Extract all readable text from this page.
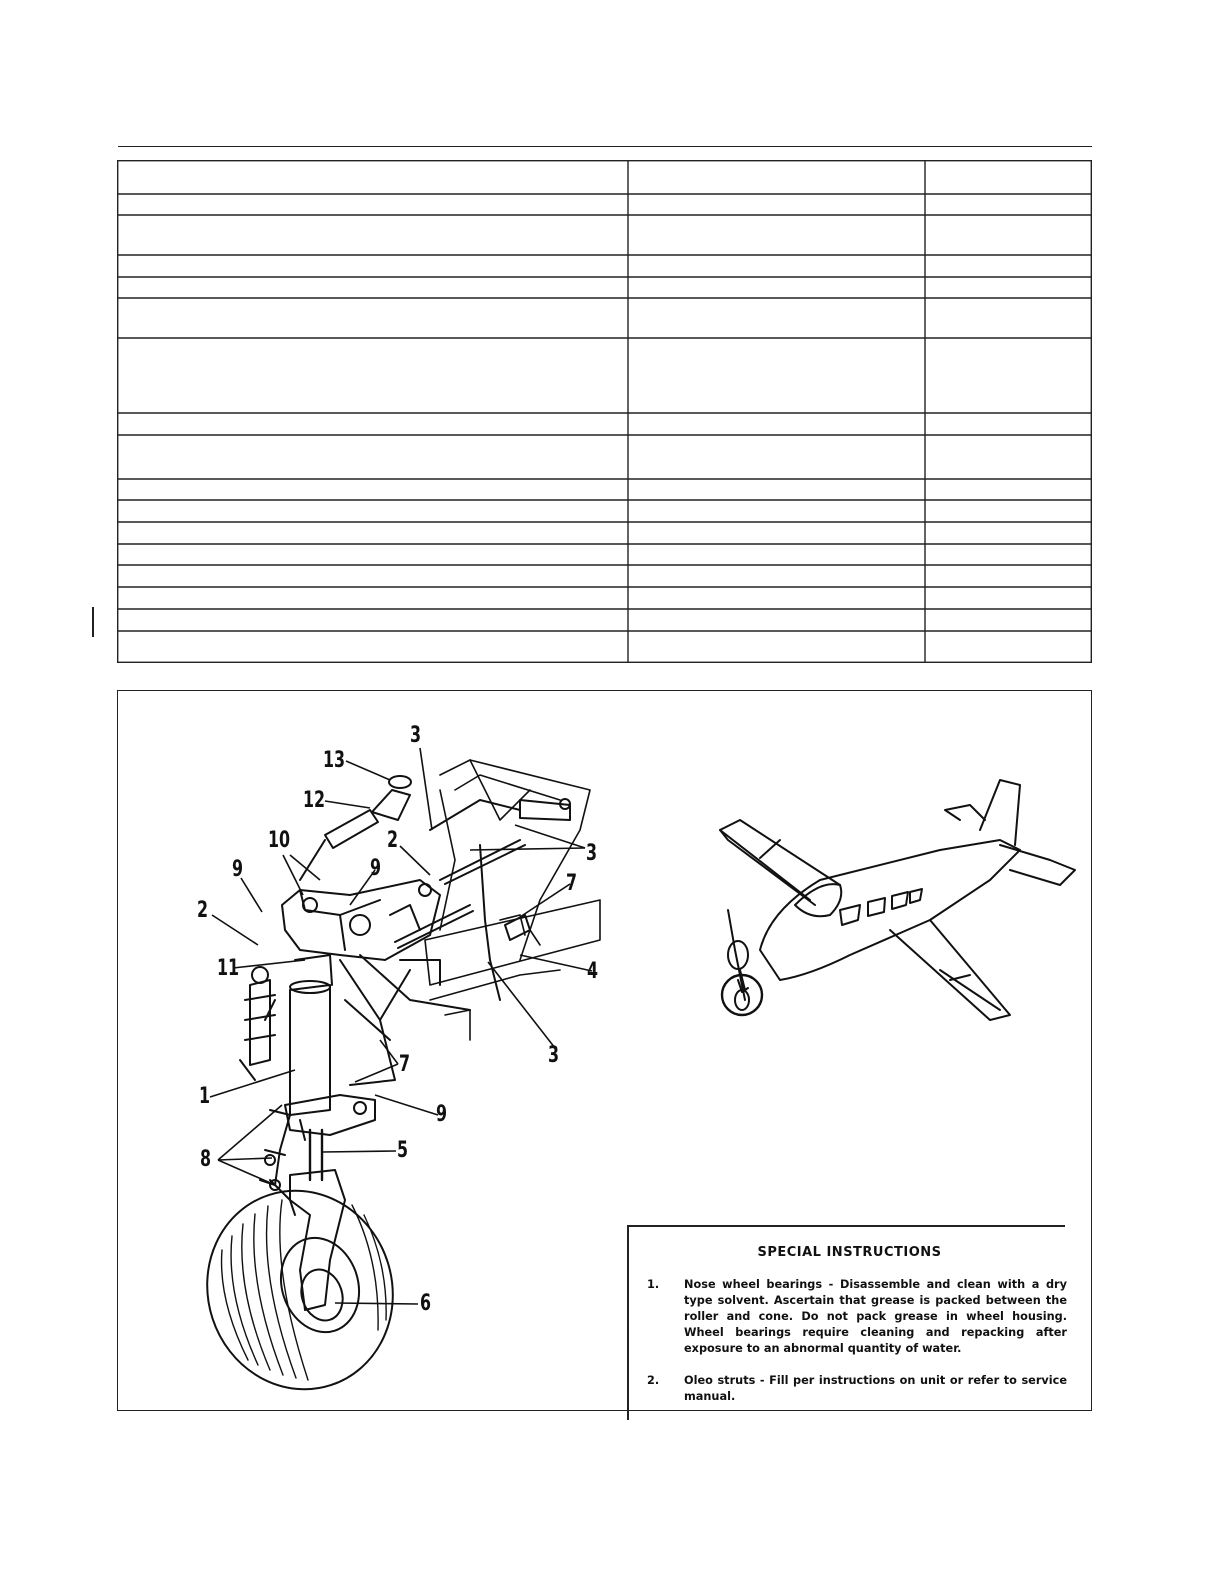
3
13
12
10	2
3
9	9
7
2
11	4
3
7
1
9
5
8
6
SPECIAL INSTRUCTIONS
1.	Nose wheel bearings - Disassemble and clean with a dry type solvent. Ascertain that grease is packed between the roller and cone. Do not pack grease in wheel housing. Wheel bearings require cleaning and repacking after exposure to an abnormal quantity of water.
2.	Oleo struts - Fill per instructions on unit or refer to service manual.
